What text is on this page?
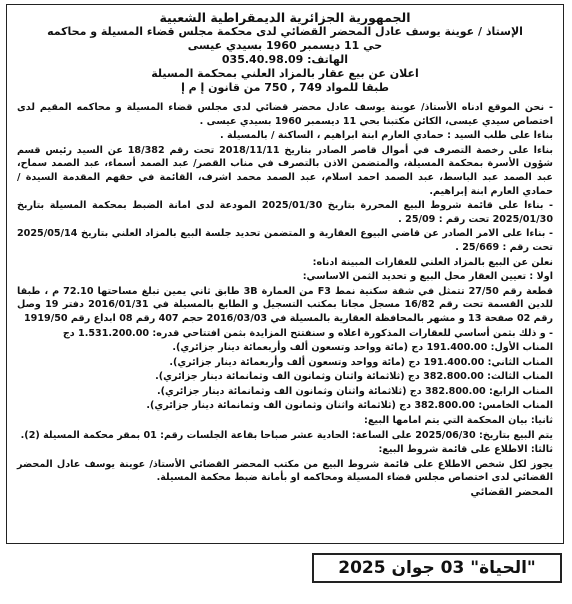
الجمهورية الجزائرية الديمقراطية الشعبية
الإستاذ / عوينة يوسف عادل المحضر القضائي لدى محكمة مجلس قضاء المسيلة و محاكمه
حي 11 ديسمبر 1960 بسيدي عيسى
الهاتف: 035.40.98.09
اعلان عن بيع عقار بالمزاد العلني بمحكمة المسيلة
طبقا للمواد 749 , 750 من قانون إ م إ

- نحن الموقع ادناه الأستاذ/ عوينة يوسف عادل محضر قضائي لدى مجلس قضاء المسيلة و محاكمه المقيم لدى اختصاص سيدي عيسى، الكائن مكتبنا بحي 11 ديسمبر 1960 بسيدي عيسى .

بناءا على طلب السيد : حمادي العارم ابنة ابراهيم ، الساكنة / بالمسيلة .

بناءا على رخصة التصرف في أموال قاصر الصادر بتاريخ 2018/11/11 تحت رقم 18/382 عن السيد رئيس قسم شؤون الأسرة بمحكمة المسيلة، والمتضمن الاذن بالتصرف في مناب القصر/ عبد الصمد أسماء، عبد الصمد سماح، عبد الصمد عبد الباسط، عبد الصمد احمد اسلام، عبد الصمد محمد اشرف، القائمة في حقهم المقدمة السيدة / حمادي العارم ابنة إبراهيم.

- بناءا على قائمة شروط البيع المحررة بتاريخ 2025/01/30 المودعة لدى امانة الضبط بمحكمة المسيلة بتاريخ 2025/01/30 تحت رقم : 25/09 .

- بناءا على الامر الصادر عن قاضي البيوع العقارية و المتضمن تحديد جلسة البيع بالمزاد العلني بتاريخ 2025/05/14 تحت رقم : 25/669 .

نعلن عن البيع بالمزاد العلني للعقارات المبينة ادناه:

اولا : تعيين العقار محل البيع و تحديد الثمن الاساسي:

قطعة رقم 27/50 تتمثل في شقة سكنية نمط F3 من العمارة 3B طابق ثاني يمين تبلغ مساحتها 72.10 م ، طبقا للدين القسمة تحت رقم 16/82 مسجل مجانا بمكتب التسجيل و الطابع بالمسيلة في 2016/01/31 دفتر 19 وصل رقم 02 صفحة 13 و مشهر بالمحافظة العقارية بالمسيلة في 2016/03/03 حجم 407 رقم 08 ابداع رقم 1919/50

- و ذلك بثمن أساسي للعقارات المذكورة اعلاه و سنفتتح المزايدة بثمن افتتاحي قدره: 1.531.200.00 دج

المناب الأول: 191.400.00 دج (مائة وواحد وتسعون ألف وأربعمائة دينار جزائري).

المناب الثاني: 191.400.00 دج (مائة وواحد وتسعون ألف وأربعمائة دينار جزائري).

المناب الثالث: 382.800.00 دج (ثلاثمائة واثنان وثمانون الف وثمانمائة دينار جزائري).

المناب الرابع: 382.800.00 دج (ثلاثمائة واثنان وثمانون الف وثمانمائة دينار جزائري).

المناب الخامس: 382.800.00 دج (ثلاثمائة واثنان وثمانون الف وثمانمائة دينار جزائري).

ثانيا: بيان المحكمة التي يتم امامها البيع:

يتم البيع بتاريخ: 2025/06/30 على الساعة: الحادية عشر صباحا بقاعة الجلسات رقم: 01 بمقر محكمة المسيلة (2).

ثالثا: الاطلاع على قائمة شروط البيع:

يجوز لكل شخص الاطلاع على قائمة شروط البيع من مكتب المحضر القضائي الأستاذ/ عوينة يوسف عادل المحضر القضائي لدى اختصاص مجلس قضاء المسيلة ومحاكمه او بأمانة ضبط محكمة المسيلة.

المحضر القضائي
"الحياة" 03 جوان 2025
